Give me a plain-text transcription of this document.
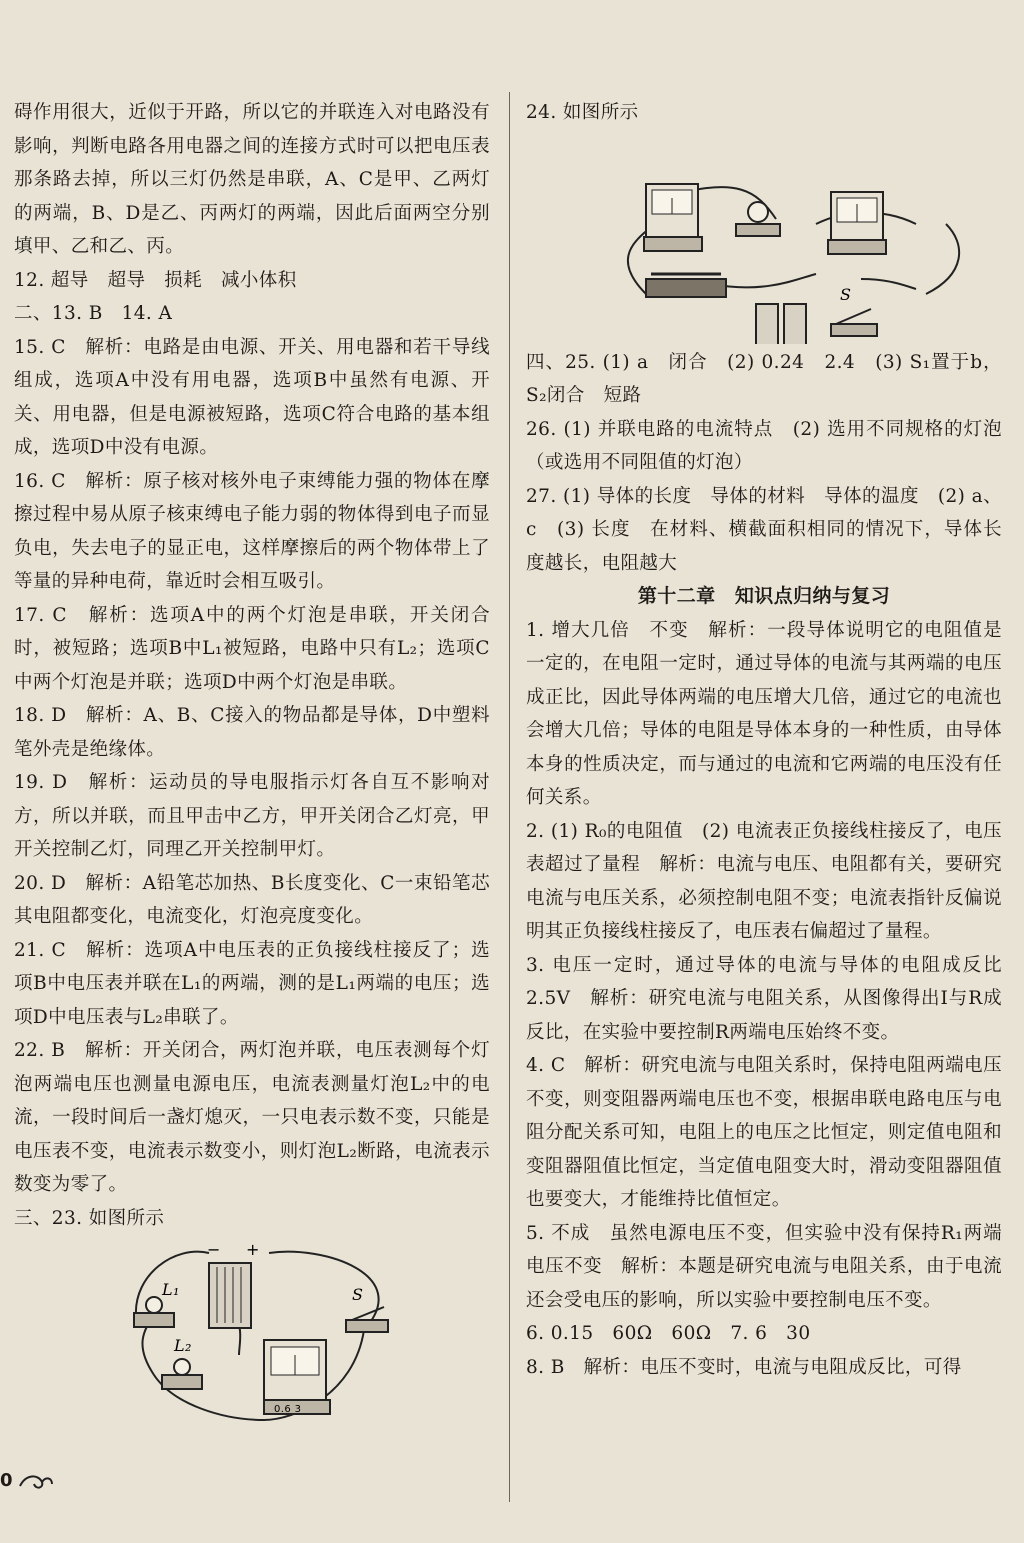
碍作用很大，近似于开路，所以它的并联连入对电路没有影响，判断电路各用电器之间的连接方式时可以把电压表那条路去掉，所以三灯仍然是串联，A、C是甲、乙两灯的两端，B、D是乙、丙两灯的两端，因此后面两空分别填甲、乙和乙、丙。

12. 超导　超导　损耗　减小体积

二、13. B　14. A

15. C　解析：电路是由电源、开关、用电器和若干导线组成，选项A中没有用电器，选项B中虽然有电源、开关、用电器，但是电源被短路，选项C符合电路的基本组成，选项D中没有电源。

16. C　解析：原子核对核外电子束缚能力强的物体在摩擦过程中易从原子核束缚电子能力弱的物体得到电子而显负电，失去电子的显正电，这样摩擦后的两个物体带上了等量的异种电荷，靠近时会相互吸引。

17. C　解析：选项A中的两个灯泡是串联，开关闭合时，被短路；选项B中L₁被短路，电路中只有L₂；选项C中两个灯泡是并联；选项D中两个灯泡是串联。

18. D　解析：A、B、C接入的物品都是导体，D中塑料笔外壳是绝缘体。

19. D　解析：运动员的导电服指示灯各自互不影响对方，所以并联，而且甲击中乙方，甲开关闭合乙灯亮，甲开关控制乙灯，同理乙开关控制甲灯。

20. D　解析：A铅笔芯加热、B长度变化、C一束铅笔芯其电阻都变化，电流变化，灯泡亮度变化。

21. C　解析：选项A中电压表的正负接线柱接反了；选项B中电压表并联在L₁的两端，测的是L₁两端的电压；选项D中电压表与L₂串联了。

22. B　解析：开关闭合，两灯泡并联，电压表测每个灯泡两端电压也测量电源电压，电流表测量灯泡L₂中的电流，一段时间后一盏灯熄灭，一只电表示数不变，只能是电压表不变，电流表示数变小，则灯泡L₂断路，电流表示数变为零了。

三、23. 如图所示

− +
L₁
L₂
0.6 3
S

24. 如图所示

S

四、25. (1) a　闭合　(2) 0.24　2.4　(3) S₁置于b，S₂闭合　短路

26. (1) 并联电路的电流特点　(2) 选用不同规格的灯泡（或选用不同阻值的灯泡）

27. (1) 导体的长度　导体的材料　导体的温度　(2) a、c　(3) 长度　在材料、横截面积相同的情况下，导体长度越长，电阻越大

第十二章　知识点归纳与复习

1. 增大几倍　不变　解析：一段导体说明它的电阻值是一定的，在电阻一定时，通过导体的电流与其两端的电压成正比，因此导体两端的电压增大几倍，通过它的电流也会增大几倍；导体的电阻是导体本身的一种性质，由导体本身的性质决定，而与通过的电流和它两端的电压没有任何关系。

2. (1) R₀的电阻值　(2) 电流表正负接线柱接反了，电压表超过了量程　解析：电流与电压、电阻都有关，要研究电流与电压关系，必须控制电阻不变；电流表指针反偏说明其正负接线柱接反了，电压表右偏超过了量程。

3. 电压一定时，通过导体的电流与导体的电阻成反比　2.5V　解析：研究电流与电阻关系，从图像得出I与R成反比，在实验中要控制R两端电压始终不变。

4. C　解析：研究电流与电阻关系时，保持电阻两端电压不变，则变阻器两端电压也不变，根据串联电路电压与电阻分配关系可知，电阻上的电压之比恒定，则定值电阻和变阻器阻值比恒定，当定值电阻变大时，滑动变阻器阻值也要变大，才能维持比值恒定。

5. 不成　虽然电源电压不变，但实验中没有保持R₁两端电压不变　解析：本题是研究电流与电阻关系，由于电流还会受电压的影响，所以实验中要控制电压不变。

6. 0.15　60Ω　60Ω　7. 6　30

8. B　解析：电压不变时，电流与电阻成反比，可得

0
